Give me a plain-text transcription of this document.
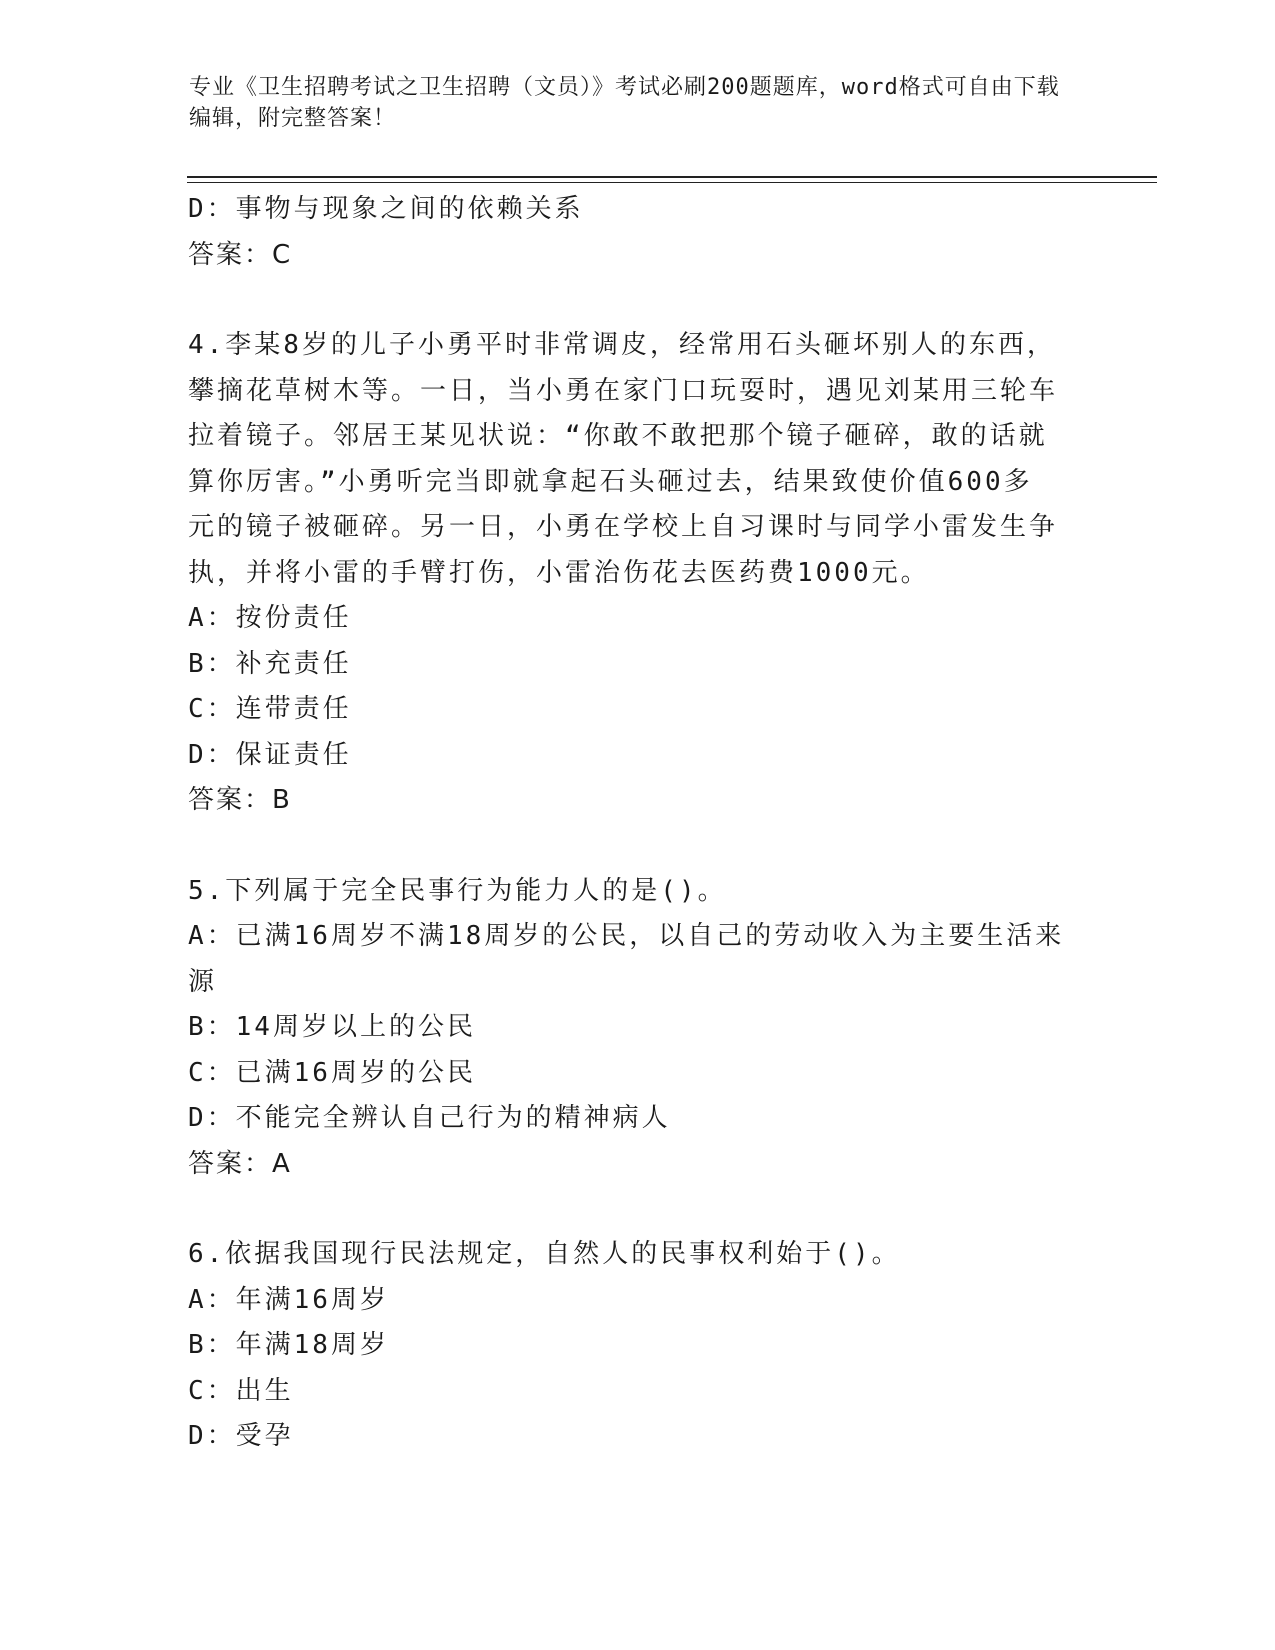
专业《卫生招聘考试之卫生招聘（文员）》考试必刷200题题库，word格式可自由下载编辑，附完整答案！
D：事物与现象之间的依赖关系
答案：C
4.李某8岁的儿子小勇平时非常调皮，经常用石头砸坏别人的东西，
攀摘花草树木等。一日，当小勇在家门口玩耍时，遇见刘某用三轮车
拉着镜子。邻居王某见状说：“你敢不敢把那个镜子砸碎，敢的话就
算你厉害。”小勇听完当即就拿起石头砸过去，结果致使价值600多
元的镜子被砸碎。另一日，小勇在学校上自习课时与同学小雷发生争
执，并将小雷的手臂打伤，小雷治伤花去医药费1000元。
A：按份责任
B：补充责任
C：连带责任
D：保证责任
答案：B
5.下列属于完全民事行为能力人的是()。
A：已满16周岁不满18周岁的公民，以自己的劳动收入为主要生活来
源
B：14周岁以上的公民
C：已满16周岁的公民
D：不能完全辨认自己行为的精神病人
答案：A
6.依据我国现行民法规定，自然人的民事权利始于()。
A：年满16周岁
B：年满18周岁
C：出生
D：受孕
